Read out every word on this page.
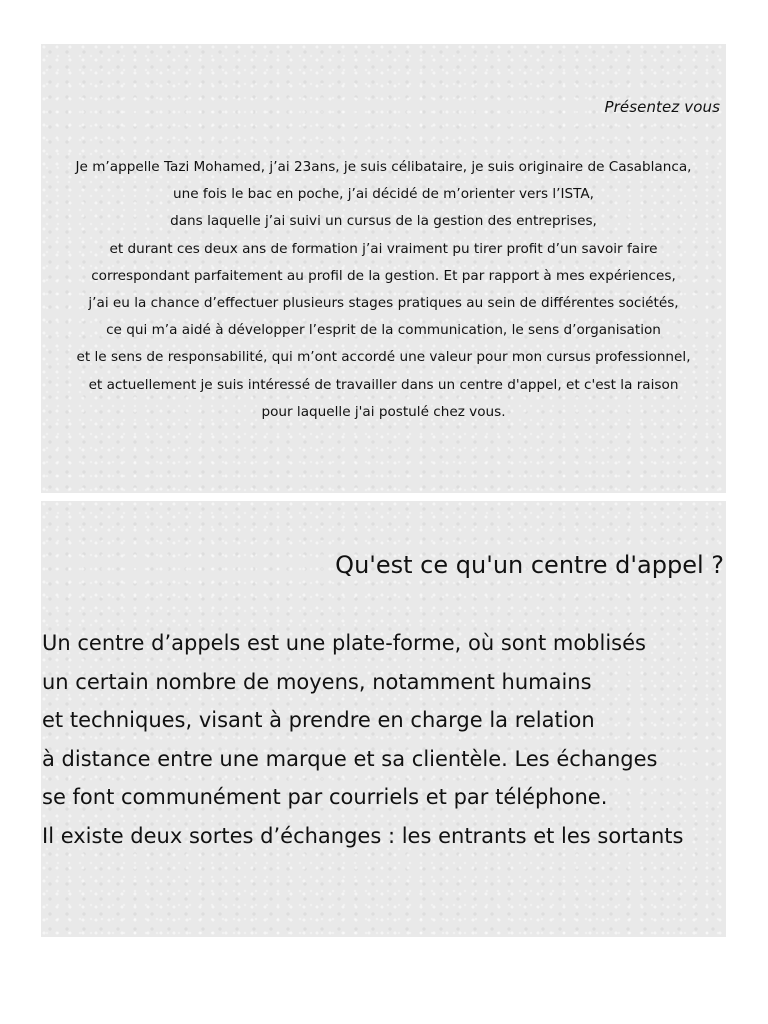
Présentez vous
Je m’appelle Tazi Mohamed, j’ai 23ans, je suis célibataire, je suis originaire de Casablanca,
une fois le bac en poche, j’ai décidé de m’orienter vers l’ISTA,
dans laquelle j’ai suivi un cursus de la gestion des entreprises,
et durant ces deux ans de formation j’ai vraiment pu tirer profit d’un savoir faire
correspondant parfaitement au profil de la gestion. Et par rapport à mes expériences,
j’ai eu la chance d’effectuer plusieurs stages pratiques au sein de différentes sociétés,
ce qui m’a aidé à développer l’esprit de la communication, le sens d’organisation
et le sens de responsabilité, qui m’ont accordé une valeur pour mon cursus professionnel,
et actuellement je suis intéressé de travailler dans un centre d'appel, et c'est la raison
pour laquelle j'ai postulé chez vous.
Qu'est ce qu'un centre d'appel ?
Un centre d’appels est une plate-forme, où sont moblisés
un certain nombre de moyens, notamment humains
et techniques, visant à prendre en charge la relation
à distance entre une marque et sa clientèle. Les échanges
se font communément par courriels et par téléphone.
Il existe deux sortes d’échanges : les entrants et les sortants
